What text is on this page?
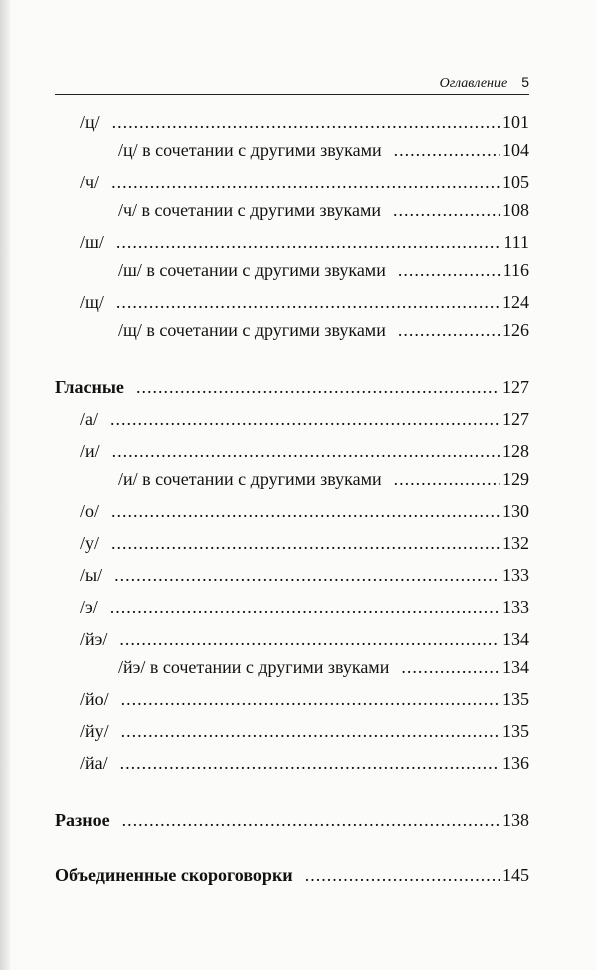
Оглавление 5
/ц/ .....	101
/ц/ в сочетании с другими звуками .....	104
/ч/ .....	105
/ч/ в сочетании с другими звуками .....	108
/ш/ .....	111
/ш/ в сочетании с другими звуками .....	116
/щ/ .....	124
/щ/ в сочетании с другими звуками .....	126
Гласные .....	127
/а/ .....	127
/и/ .....	128
/и/ в сочетании с другими звуками .....	129
/о/ .....	130
/у/ .....	132
/ы/ .....	133
/э/ .....	133
/йэ/ .....	134
/йэ/ в сочетании с другими звуками .....	134
/йо/ .....	135
/йу/ .....	135
/йа/ .....	136
Разное .....	138
Объединенные скороговорки .....	145
